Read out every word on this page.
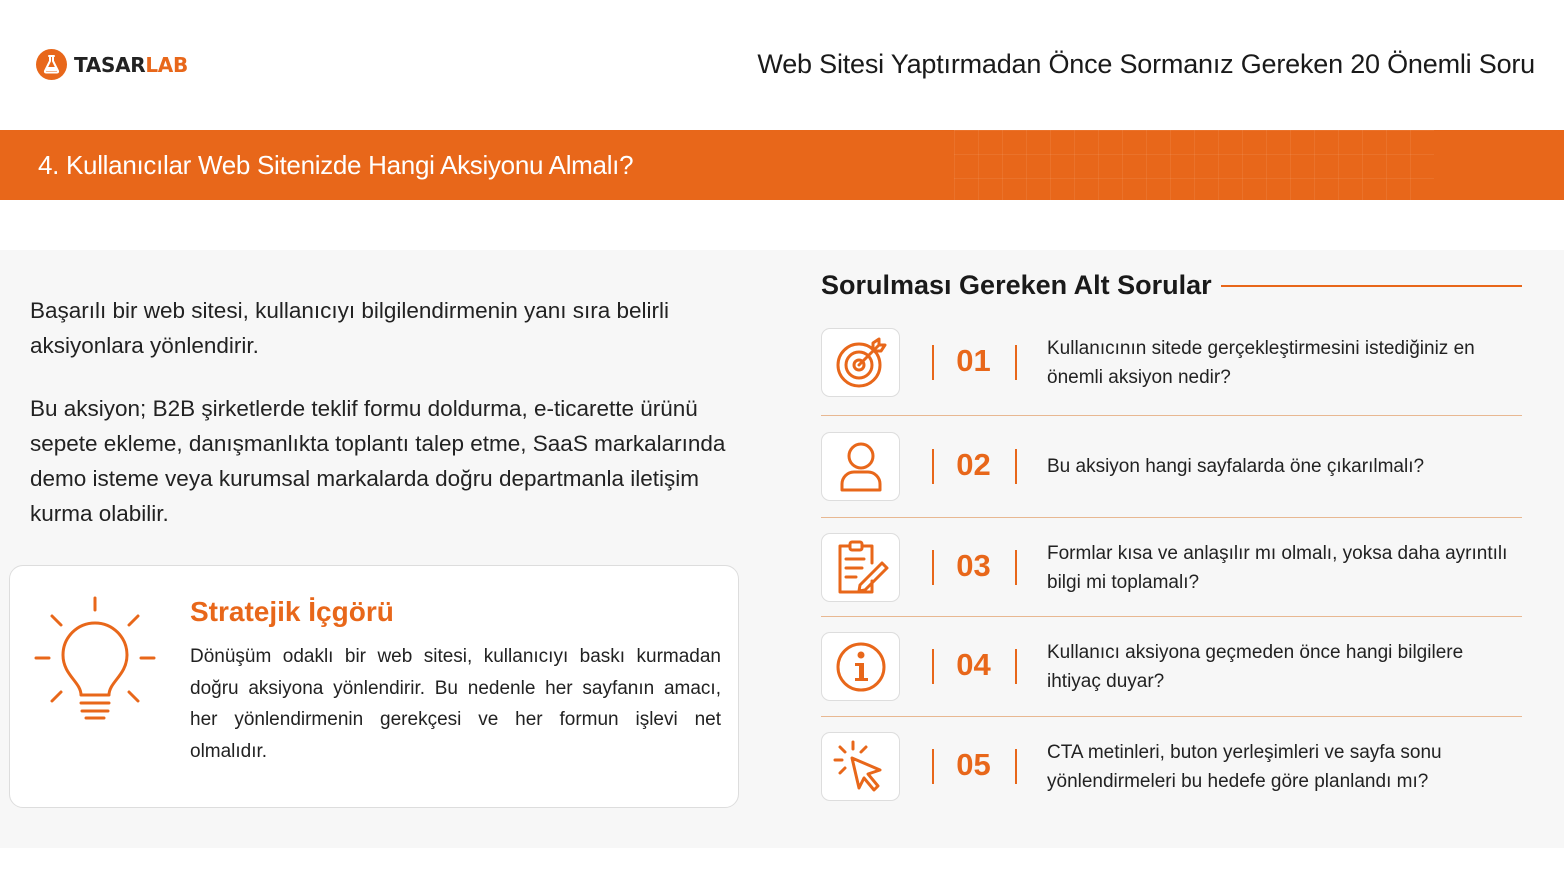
TASARLAB	Web Sitesi Yaptırmadan Önce Sormanız Gereken 20 Önemli Soru
4. Kullanıcılar Web Sitenizde Hangi Aksiyonu Almalı?

Başarılı bir web sitesi, kullanıcıyı bilgilendirmenin yanı sıra belirli aksiyonlara yönlendirir.

Bu aksiyon; B2B şirketlerde teklif formu doldurma, e-ticarette ürünü sepete ekleme, danışmanlıkta toplantı talep etme, SaaS markalarında demo isteme veya kurumsal markalarda doğru departmanla iletişim kurma olabilir.

Stratejik İçgörü
Dönüşüm odaklı bir web sitesi, kullanıcıyı baskı kurmadan doğru aksiyona yönlendirir. Bu nedenle her sayfanın amacı, her yönlendirmenin gerekçesi ve her formun işlevi net olmalıdır.
Sorulması Gereken Alt Sorular
01	Kullanıcının sitede gerçekleştirmesini istediğiniz en önemli aksiyon nedir?
02	Bu aksiyon hangi sayfalarda öne çıkarılmalı?
03	Formlar kısa ve anlaşılır mı olmalı, yoksa daha ayrıntılı bilgi mi toplamalı?
04	Kullanıcı aksiyona geçmeden önce hangi bilgilere ihtiyaç duyar?
05	CTA metinleri, buton yerleşimleri ve sayfa sonu yönlendirmeleri bu hedefe göre planlandı mı?
